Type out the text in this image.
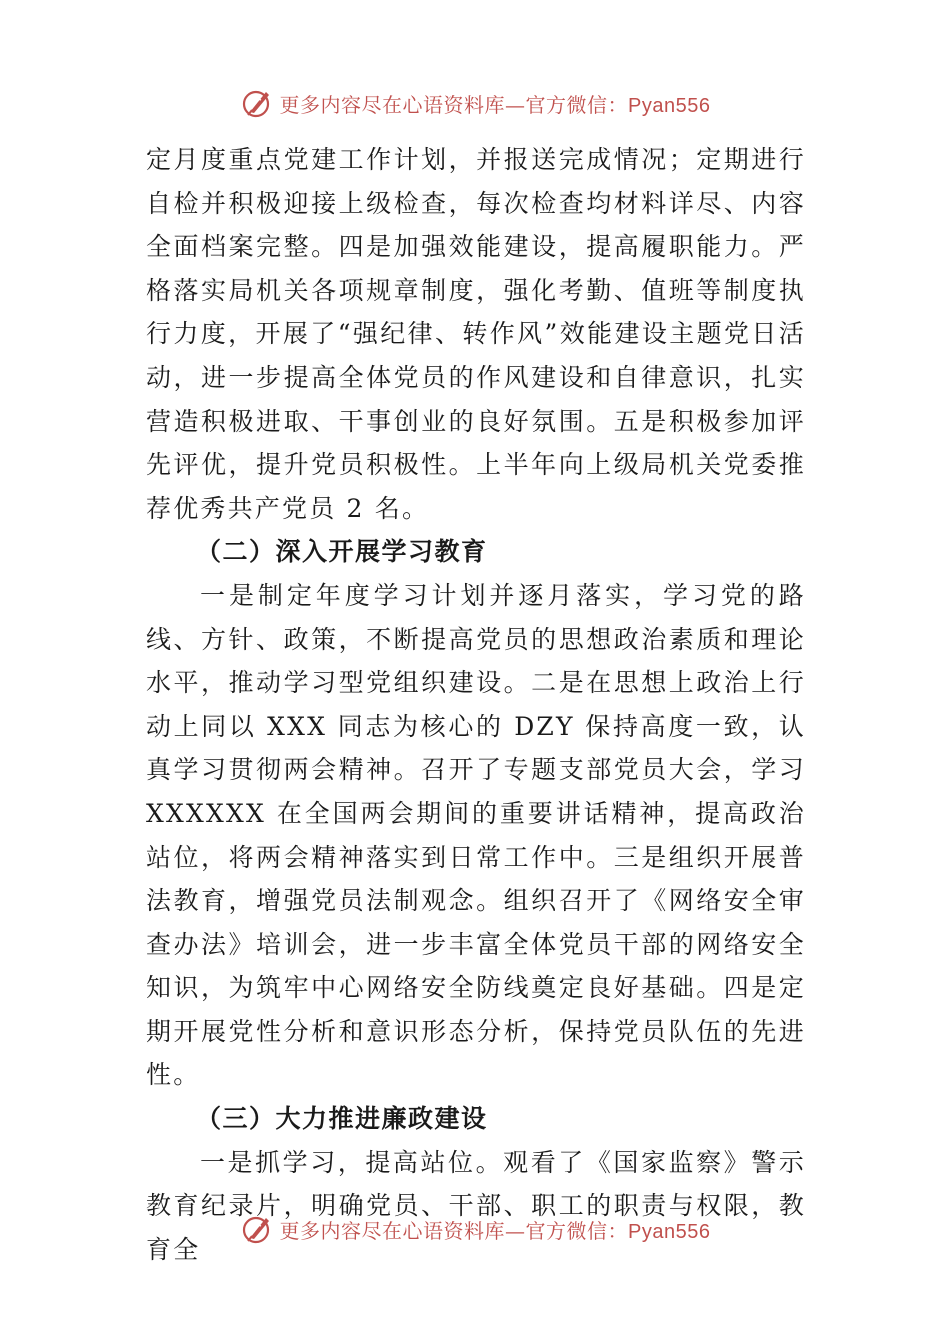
更多内容尽在心语资料库—官方微信：Pyan556

定月度重点党建工作计划，并报送完成情况；定期进行自检并积极迎接上级检查，每次检查均材料详尽、内容全面档案完整。四是加强效能建设，提高履职能力。严格落实局机关各项规章制度，强化考勤、值班等制度执行力度，开展了“强纪律、转作风”效能建设主题党日活动，进一步提高全体党员的作风建设和自律意识，扎实营造积极进取、干事创业的良好氛围。五是积极参加评先评优，提升党员积极性。上半年向上级局机关党委推荐优秀共产党员 2 名。

（二）深入开展学习教育

一是制定年度学习计划并逐月落实，学习党的路线、方针、政策，不断提高党员的思想政治素质和理论水平，推动学习型党组织建设。二是在思想上政治上行动上同以 XXX 同志为核心的 DZY 保持高度一致，认真学习贯彻两会精神。召开了专题支部党员大会，学习 XXXXXX 在全国两会期间的重要讲话精神，提高政治站位，将两会精神落实到日常工作中。三是组织开展普法教育，增强党员法制观念。组织召开了《网络安全审查办法》培训会，进一步丰富全体党员干部的网络安全知识，为筑牢中心网络安全防线奠定良好基础。四是定期开展党性分析和意识形态分析，保持党员队伍的先进性。

（三）大力推进廉政建设

一是抓学习，提高站位。观看了《国家监察》警示教育纪录片，明确党员、干部、职工的职责与权限，教育全

更多内容尽在心语资料库—官方微信：Pyan556
